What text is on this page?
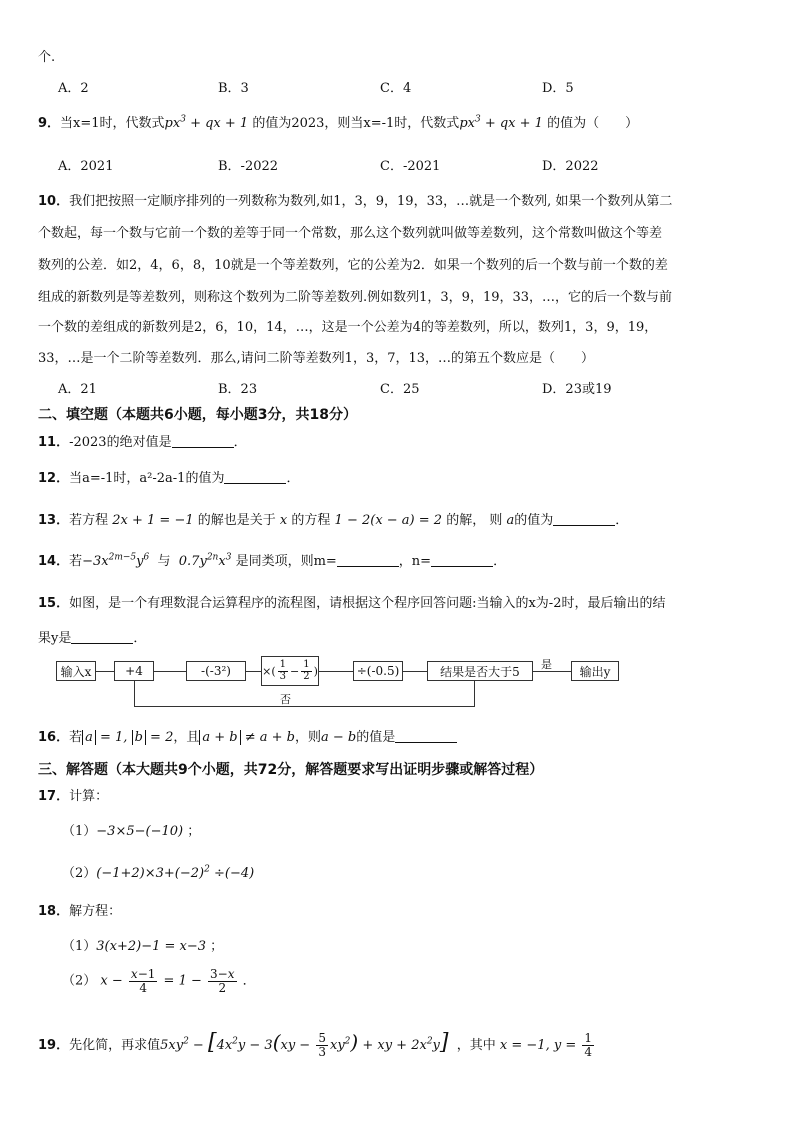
个.
A．2	B．3	C．4	D．5
9．当x=1时，代数式$px^3$ + qx + 1 的值为2023，则当x=-1时，代数式$px^3$ + qx + 1 的值为（　　）
A．2021	B．-2022	C．-2021	D．2022
10．我们把按照一定顺序排列的一列数称为数列,如1，3，9，19，33，…就是一个数列, 如果一个数列从第二
个数起，每一个数与它前一个数的差等于同一个常数，那么这个数列就叫做等差数列，这个常数叫做这个等差
数列的公差．如2，4，6，8，10就是一个等差数列，它的公差为2．如果一个数列的后一个数与前一个数的差
组成的新数列是等差数列，则称这个数列为二阶等差数列.例如数列1，3，9，19，33，…，它的后一个数与前
一个数的差组成的新数列是2，6，10，14，…，这是一个公差为4的等差数列，所以，数列1，3，9，19，
33，…是一个二阶等差数列．那么,请问二阶等差数列1，3，7，13，…的第五个数应是（　　）
A．21	B．23	C．25	D．23或19
二、填空题（本题共6小题，每小题3分，共18分）
11．-2023的绝对值是	．
12．当a=-1时，a²-2a-1的值为	．
13．若方程 2x + 1 = −1 的解也是关于 x 的方程 1 − 2(x − a) = 2 的解， 则 a的值为	．
14．若$-3x^{2m-5}y^6$ 与 $0.7y^{2n}x^3$ 是同类项，则m=	，n=	．
15．如图，是一个有理数混合运算程序的流程图，请根据这个程序回答问题:当输入的x为-2时，最后输出的结
果y是	．
输入x	+4	-(-3²)	×( $\frac{1}{3} - \frac{1}{2}$ )	÷(-0.5)	结果是否大于5 是 输出y
否
16．若 a = 1, b = 2，且 a + b ≠ a + b，则a − b的值是
三、解答题（本大题共9个小题，共72分，解答题要求写出证明步骤或解答过程）
17．计算：
（1）−3×5−(−10) ；
$(2)(-1+2)\times 3+(-2)^2 \div(-4)$
18．解方程：
（1）3(x+2)−1 = x−3 ；
（2） $x - \frac{x-1}{4} = 1 - \frac{3-x}{2}$ ．
19．先化简，再求值$5xy^2 - [4x^2y - 3(xy - \frac{5}{3} xy^2)$ + xy + $2x^2y$] ，其中 x = −1, $y = \frac{1}{4}$
